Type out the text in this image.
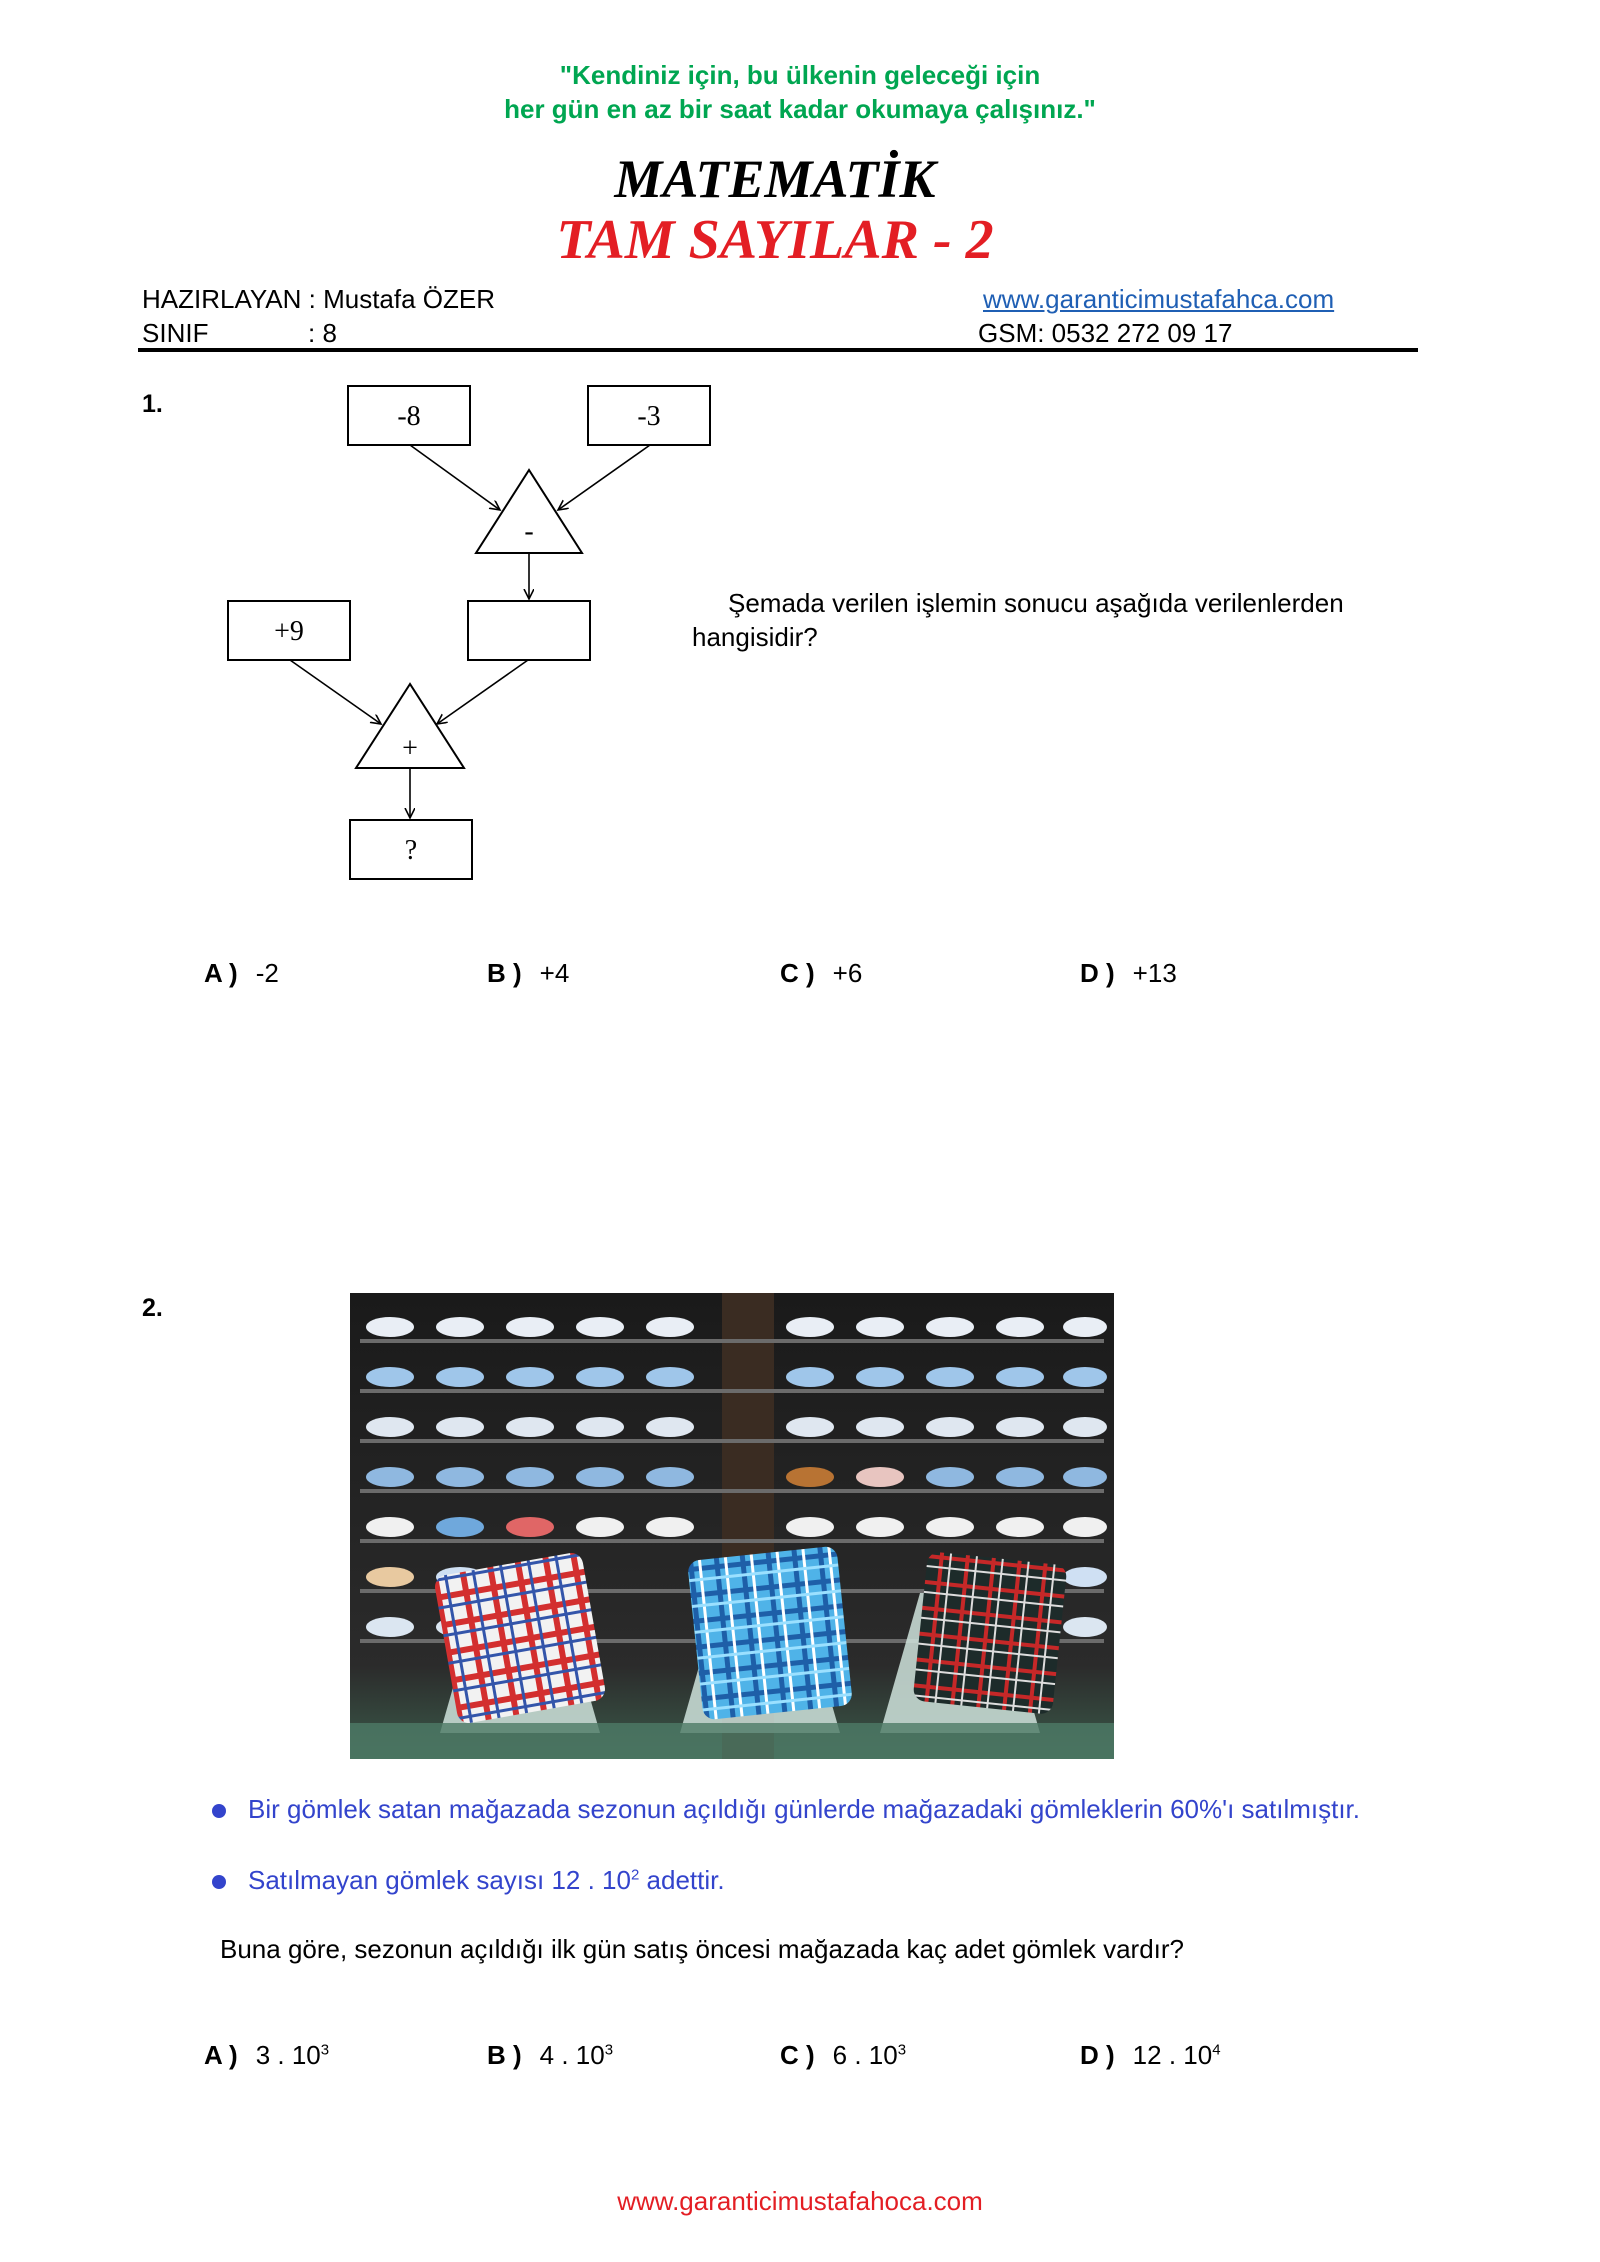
"Kendiniz için, bu ülkenin geleceği için
her gün en az bir saat kadar okumaya çalışınız."
MATEMATİK
TAM SAYILAR - 2
HAZIRLAYAN : Mustafa ÖZER
SINIF	: 8
www.garanticimustafahca.com
GSM: 0532 272 09 17
1.	-8	-3
-
+9
+
?
Şemada verilen işlemin sonucu aşağıda verilenlerden
hangisidir?
A ) -2	B ) +4	C ) +6	D ) +13
2.
Bir gömlek satan mağazada sezonun açıldığı günlerde mağazadaki gömleklerin 60%'ı satılmıştır.
Satılmayan gömlek sayısı 12 . $10^2$ adettir.
Buna göre, sezonun açıldığı ilk gün satış öncesi mağazada kaç adet gömlek vardır?
A ) 3 . $10^3$	B ) 4 . $10^3$	C ) 6 . $10^3$	D ) 12 . $10^4$
www.garanticimustafahoca.com
